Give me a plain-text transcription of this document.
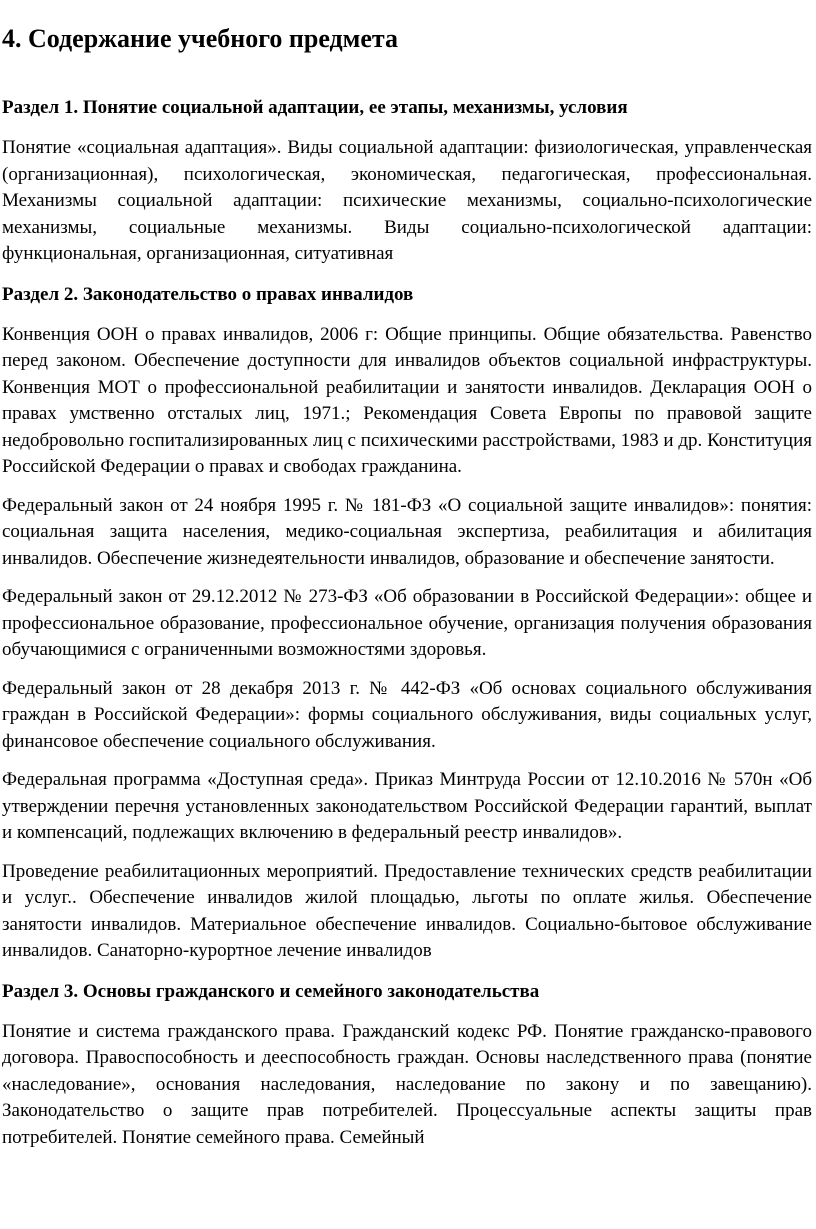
4. Содержание учебного предмета
Раздел 1. Понятие социальной адаптации, ее этапы, механизмы, условия

Понятие «социальная адаптация». Виды социальной адаптации: физиологическая, управленческая (организационная), психологическая, экономическая, педагогическая, профессиональная. Механизмы социальной адаптации: психические механизмы, социально-психологические механизмы, социальные механизмы. Виды социально-психологической адаптации: функциональная, организационная, ситуативная

Раздел 2. Законодательство о правах инвалидов

Конвенция ООН о правах инвалидов, 2006 г: Общие принципы. Общие обязательства. Равенство перед законом. Обеспечение доступности для инвалидов объектов социальной инфраструктуры. Конвенция МОТ о профессиональной реабилитации и занятости инвалидов. Декларация ООН о правах умственно отсталых лиц, 1971.; Рекомендация Совета Европы по правовой защите недобровольно госпитализированных лиц с психическими расстройствами, 1983 и др. Конституция Российской Федерации о правах и свободах гражданина.

Федеральный закон от 24 ноября 1995 г. № 181-ФЗ «О социальной защите инвалидов»: понятия: социальная защита населения, медико-социальная экспертиза, реабилитация и абилитация инвалидов. Обеспечение жизнедеятельности инвалидов, образование и обеспечение занятости.

Федеральный закон от 29.12.2012 № 273-ФЗ «Об образовании в Российской Федерации»: общее и профессиональное образование, профессиональное обучение, организация получения образования обучающимися с ограниченными возможностями здоровья.

Федеральный закон от 28 декабря 2013 г. № 442-ФЗ «Об основах социального обслуживания граждан в Российской Федерации»: формы социального обслуживания, виды социальных услуг, финансовое обеспечение социального обслуживания.

Федеральная программа «Доступная среда». Приказ Минтруда России от 12.10.2016 № 570н «Об утверждении перечня установленных законодательством Российской Федерации гарантий, выплат и компенсаций, подлежащих включению в федеральный реестр инвалидов».

Проведение реабилитационных мероприятий. Предоставление технических средств реабилитации и услуг.. Обеспечение инвалидов жилой площадью, льготы по оплате жилья. Обеспечение занятости инвалидов. Материальное обеспечение инвалидов. Социально-бытовое обслуживание инвалидов. Санаторно-курортное лечение инвалидов

Раздел 3. Основы гражданского и семейного законодательства

Понятие и система гражданского права. Гражданский кодекс РФ. Понятие гражданско-правового договора. Правоспособность и дееспособность граждан. Основы наследственного права (понятие «наследование», основания наследования, наследование по закону и по завещанию). Законодательство о защите прав потребителей. Процессуальные аспекты защиты прав потребителей. Понятие семейного права. Семейный
